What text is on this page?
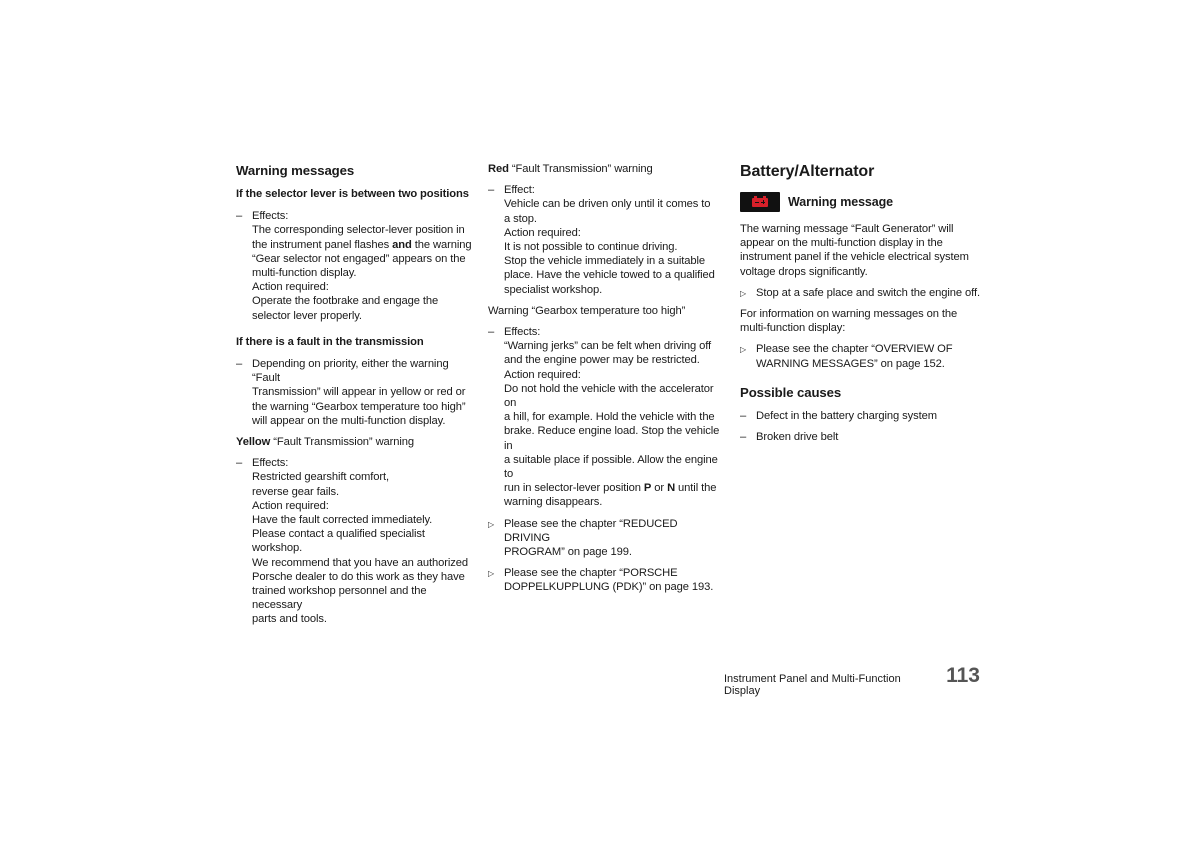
Warning messages
If the selector lever is between two positions
– Effects:
The corresponding selector-lever position in
the instrument panel flashes and the warning
“Gear selector not engaged” appears on the
multi-function display.
Action required:
Operate the footbrake and engage the
selector lever properly.
If there is a fault in the transmission
– Depending on priority, either the warning “Fault
Transmission” will appear in yellow or red or
the warning “Gearbox temperature too high”
will appear on the multi-function display.

Yellow “Fault Transmission” warning

– Effects:
Restricted gearshift comfort,
reverse gear fails.
Action required:
Have the fault corrected immediately.
Please contact a qualified specialist workshop.
We recommend that you have an authorized
Porsche dealer to do this work as they have
trained workshop personnel and the necessary
parts and tools.

Red “Fault Transmission” warning

– Effect:
Vehicle can be driven only until it comes to
a stop.
Action required:
It is not possible to continue driving.
Stop the vehicle immediately in a suitable
place. Have the vehicle towed to a qualified
specialist workshop.

Warning “Gearbox temperature too high”

– Effects:
“Warning jerks” can be felt when driving off
and the engine power may be restricted.
Action required:
Do not hold the vehicle with the accelerator on
a hill, for example. Hold the vehicle with the
brake. Reduce engine load. Stop the vehicle in
a suitable place if possible. Allow the engine to
run in selector-lever position P or N until the
warning disappears.
▷ Please see the chapter “REDUCED DRIVING
PROGRAM” on page 199.
▷ Please see the chapter “PORSCHE
DOPPELKUPPLUNG (PDK)” on page 193.
Battery/Alternator
Warning message

The warning message “Fault Generator” will
appear on the multi-function display in the
instrument panel if the vehicle electrical system
voltage drops significantly.

▷ Stop at a safe place and switch the engine off.

For information on warning messages on the
multi-function display:

▷ Please see the chapter “OVERVIEW OF
WARNING MESSAGES” on page 152.
Possible causes
– Defect in the battery charging system
– Broken drive belt
Instrument Panel and Multi-Function Display
113
